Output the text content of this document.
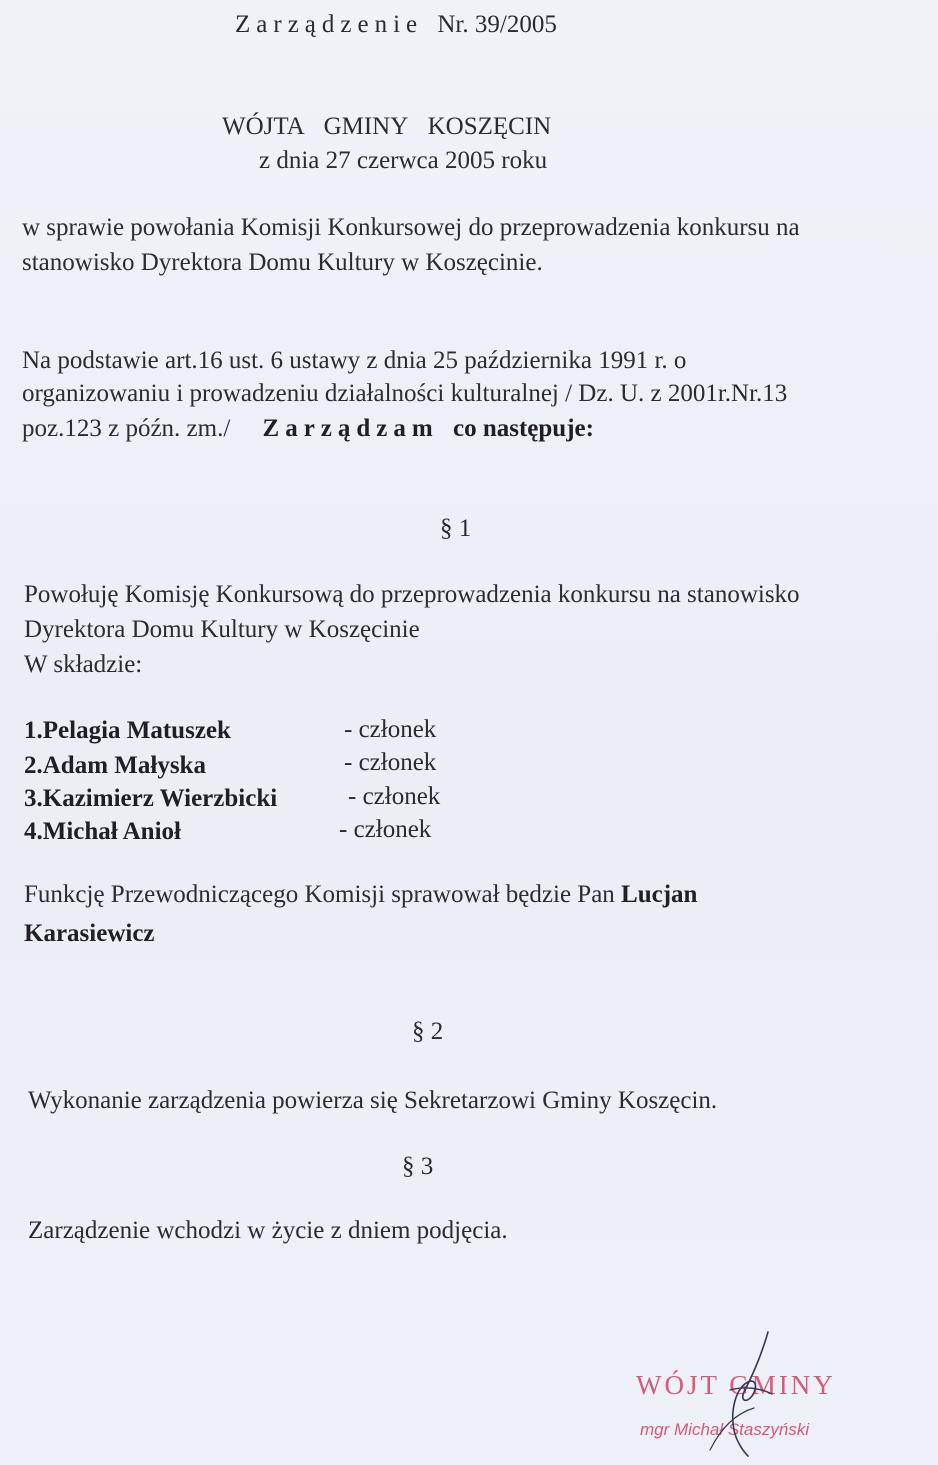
Zarządzenie Nr. 39/2005
WÓJTA GMINY KOSZĘCIN
z dnia 27 czerwca 2005 roku
w sprawie powołania Komisji Konkursowej do przeprowadzenia konkursu na
stanowisko Dyrektora Domu Kultury w Koszęcinie.
Na podstawie art.16 ust. 6 ustawy z dnia 25 października 1991 r. o
organizowaniu i prowadzeniu działalności kulturalnej / Dz. U. z 2001r.Nr.13
poz.123 z późn. zm./ Zarządzam co następuje:
§ 1
Powołuję Komisję Konkursową do przeprowadzenia konkursu na stanowisko
Dyrektora Domu Kultury w Koszęcinie
W składzie:
1.Pelagia Matuszek	- członek
2.Adam Małyska	- członek
3.Kazimierz Wierzbicki	- członek
4.Michał Anioł	- członek
Funkcję Przewodniczącego Komisji sprawował będzie Pan Lucjan
Karasiewicz
§ 2
Wykonanie zarządzenia powierza się Sekretarzowi Gminy Koszęcin.
§ 3
Zarządzenie wchodzi w życie z dniem podjęcia.
WÓJT GMINY
mgr Michał Staszyński
